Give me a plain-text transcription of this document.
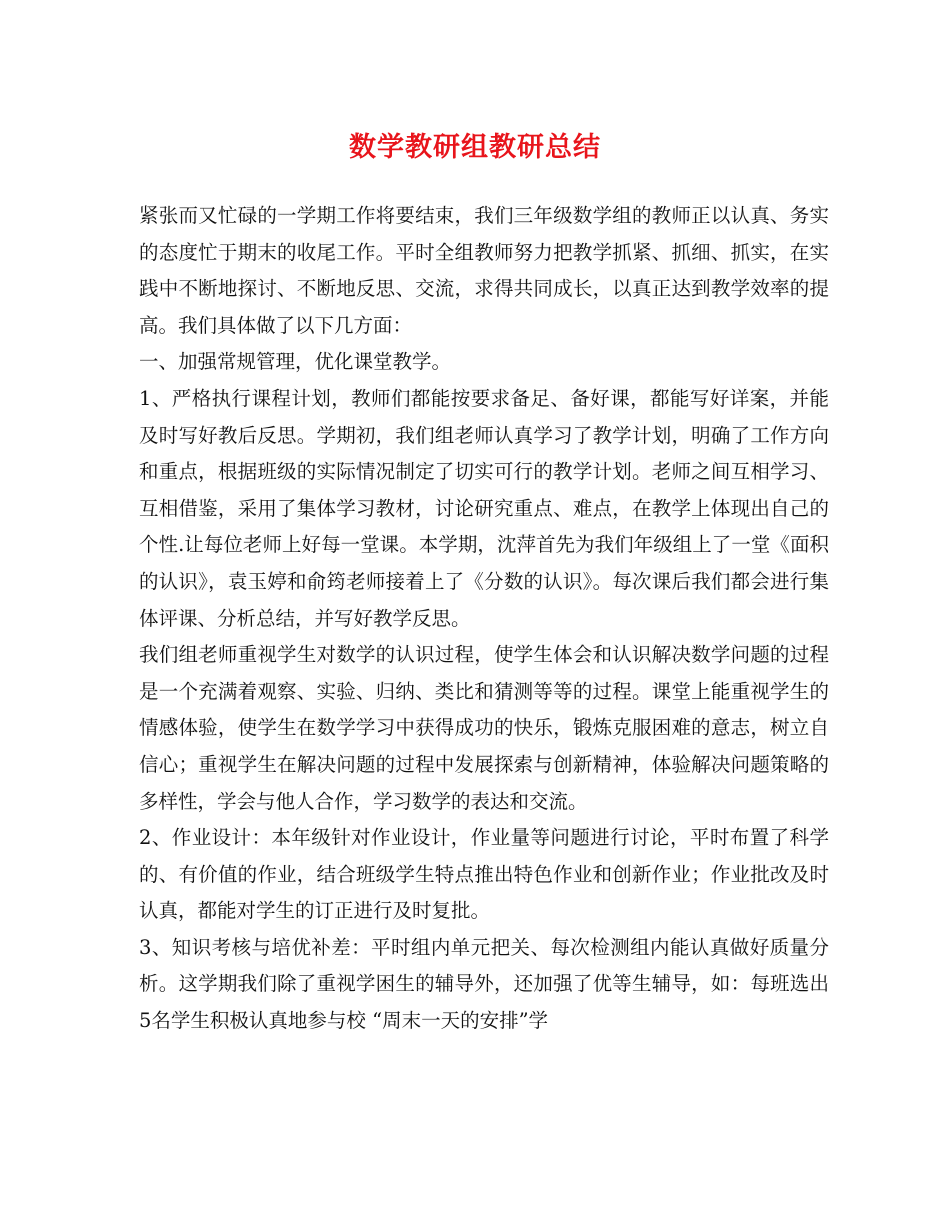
数学教研组教研总结

紧张而又忙碌的一学期工作将要结束，我们三年级数学组的教师正以认真、务实的态度忙于期末的收尾工作。平时全组教师努力把教学抓紧、抓细、抓实，在实践中不断地探讨、不断地反思、交流，求得共同成长，以真正达到教学效率的提高。我们具体做了以下几方面：

一、加强常规管理，优化课堂教学。

1、严格执行课程计划，教师们都能按要求备足、备好课，都能写好详案，并能及时写好教后反思。学期初，我们组老师认真学习了教学计划，明确了工作方向和重点，根据班级的实际情况制定了切实可行的教学计划。老师之间互相学习、互相借鉴，采用了集体学习教材，讨论研究重点、难点，在教学上体现出自己的个性.让每位老师上好每一堂课。本学期，沈萍首先为我们年级组上了一堂《面积的认识》，袁玉婷和俞筠老师接着上了《分数的认识》。每次课后我们都会进行集体评课、分析总结，并写好教学反思。

我们组老师重视学生对数学的认识过程，使学生体会和认识解决数学问题的过程是一个充满着观察、实验、归纳、类比和猜测等等的过程。课堂上能重视学生的情感体验，使学生在数学学习中获得成功的快乐，锻炼克服困难的意志，树立自信心；重视学生在解决问题的过程中发展探索与创新精神，体验解决问题策略的多样性，学会与他人合作，学习数学的表达和交流。

2、作业设计：本年级针对作业设计，作业量等问题进行讨论，平时布置了科学的、有价值的作业，结合班级学生特点推出特色作业和创新作业；作业批改及时认真，都能对学生的订正进行及时复批。

3、知识考核与培优补差：平时组内单元把关、每次检测组内能认真做好质量分析。这学期我们除了重视学困生的辅导外，还加强了优等生辅导，如：每班选出5名学生积极认真地参与校 “周末一天的安排”学
